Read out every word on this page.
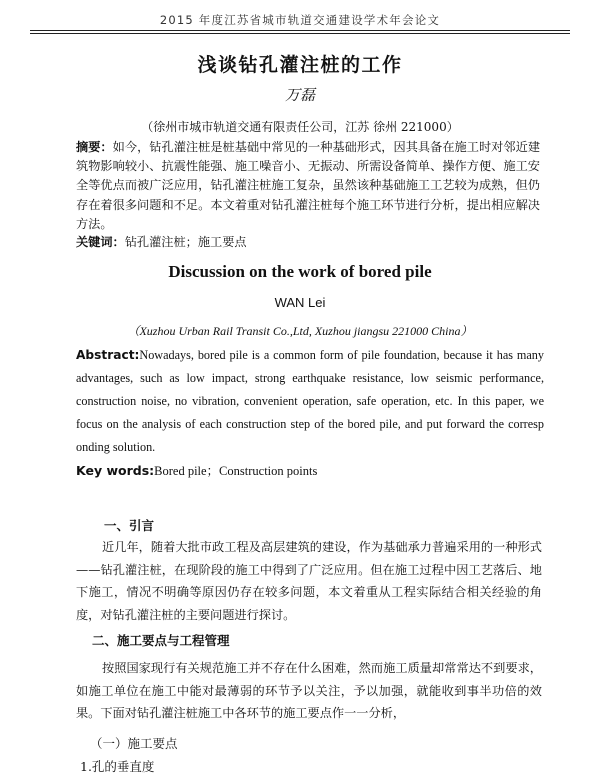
2015 年度江苏省城市轨道交通建设学术年会论文
浅谈钻孔灌注桩的工作
万磊
（徐州市城市轨道交通有限责任公司，江苏 徐州 221000）
摘要：如今，钻孔灌注桩是桩基础中常见的一种基础形式，因其具备在施工时对邻近建筑物影响较小、抗震性能强、施工噪音小、无振动、所需设备简单、操作方便、施工安全等优点而被广泛应用，钻孔灌注桩施工复杂，虽然该种基础施工工艺较为成熟，但仍存在着很多问题和不足。本文着重对钻孔灌注桩每个施工环节进行分析，提出相应解决方法。
关键词：钻孔灌注桩；施工要点
Discussion on the work of bored pile
WAN Lei
（Xuzhou Urban Rail Transit Co.,Ltd, Xuzhou jiangsu 221000 China）
Abstract:Nowadays, bored pile is a common form of pile foundation, because it has many advantages, such as low impact, strong earthquake resistance, low seismic performance, construction noise, no vibration, convenient operation, safe operation, etc. In this paper, we focus on the analysis of each construction step of the bored pile, and put forward the corresp onding solution.
Key words:Bored pile；Construction points
一、引言
近几年，随着大批市政工程及高层建筑的建设，作为基础承力普遍采用的一种形式——钻孔灌注桩，在现阶段的施工中得到了广泛应用。但在施工过程中因工艺落后、地下施工，情况不明确等原因仍存在较多问题，本文着重从工程实际结合相关经验的角度，对钻孔灌注桩的主要问题进行探讨。
二、施工要点与工程管理
按照国家现行有关规范施工并不存在什么困难，然而施工质量却常常达不到要求，如施工单位在施工中能对最薄弱的环节予以关注，予以加强，就能收到事半功倍的效果。下面对钻孔灌注桩施工中各环节的施工要点作一一分析，
（一）施工要点
1.孔的垂直度
